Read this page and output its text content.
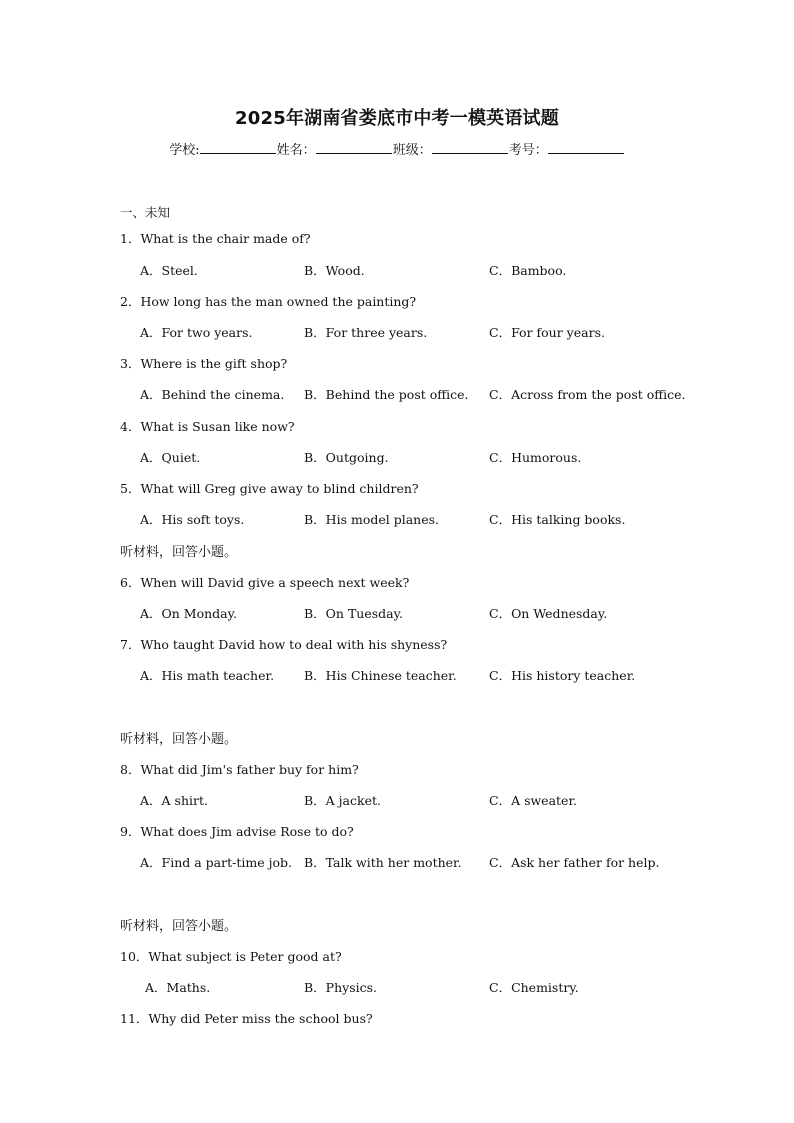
2025年湖南省娄底市中考一模英语试题
学校:	姓名：	班级：	考号：
一、未知
1．What is the chair made of?
A．Steel.	B．Wood.	C．Bamboo.
2．How long has the man owned the painting?
A．For two years.	B．For three years.	C．For four years.
3．Where is the gift shop?
A．Behind the cinema. B．Behind the post office. C．Across from the post office.
4．What is Susan like now?
A．Quiet.	B．Outgoing.	C．Humorous.
5．What will Greg give away to blind children?
A．His soft toys.	B．His model planes.	C．His talking books.
听材料，回答小题。
6．When will David give a speech next week?
A．On Monday.	B．On Tuesday.	C．On Wednesday.
7．Who taught David how to deal with his shyness?
A．His math teacher. B．His Chinese teacher.	C．His history teacher.
听材料，回答小题。
8．What did Jim's father buy for him?
A．A shirt.	B．A jacket.	C．A sweater.
9．What does Jim advise Rose to do?
A．Find a part-time job. B．Talk with her mother. C．Ask her father for help.
听材料，回答小题。
10．What subject is Peter good at?
A．Maths.	B．Physics.	C．Chemistry.
11．Why did Peter miss the school bus?
